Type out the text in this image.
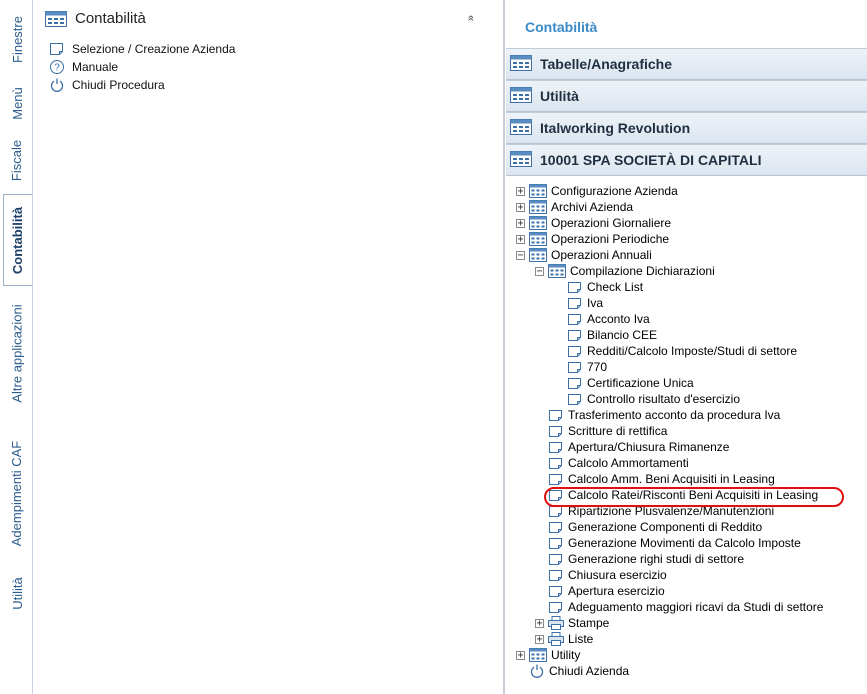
Finestre
Menù
Fiscale
Contabilità
Altre applicazioni
Adempimenti CAF
Utilità
Contabilità	»
Selezione / Creazione Azienda
? Manuale
Chiudi Procedura
Contabilità
Tabelle/Anagrafiche
Utilità
Italworking Revolution
10001 SPA SOCIETÀ DI CAPITALI
+ Configurazione Azienda
+ Archivi Azienda
+ Operazioni Giornaliere
+ Operazioni Periodiche
− Operazioni Annuali
− Compilazione Dichiarazioni
Check List
Iva
Acconto Iva
Bilancio CEE
Redditi/Calcolo Imposte/Studi di settore
770
Certificazione Unica
Controllo risultato d'esercizio
Trasferimento acconto da procedura Iva
Scritture di rettifica
Apertura/Chiusura Rimanenze
Calcolo Ammortamenti
Calcolo Amm. Beni Acquisiti in Leasing
Calcolo Ratei/Risconti Beni Acquisiti in Leasing
Ripartizione Plusvalenze/Manutenzioni
Generazione Componenti di Reddito
Generazione Movimenti da Calcolo Imposte
Generazione righi studi di settore
Chiusura esercizio
Apertura esercizio
Adeguamento maggiori ricavi da Studi di settore
+ Stampe
+ Liste
+ Utility
Chiudi Azienda
